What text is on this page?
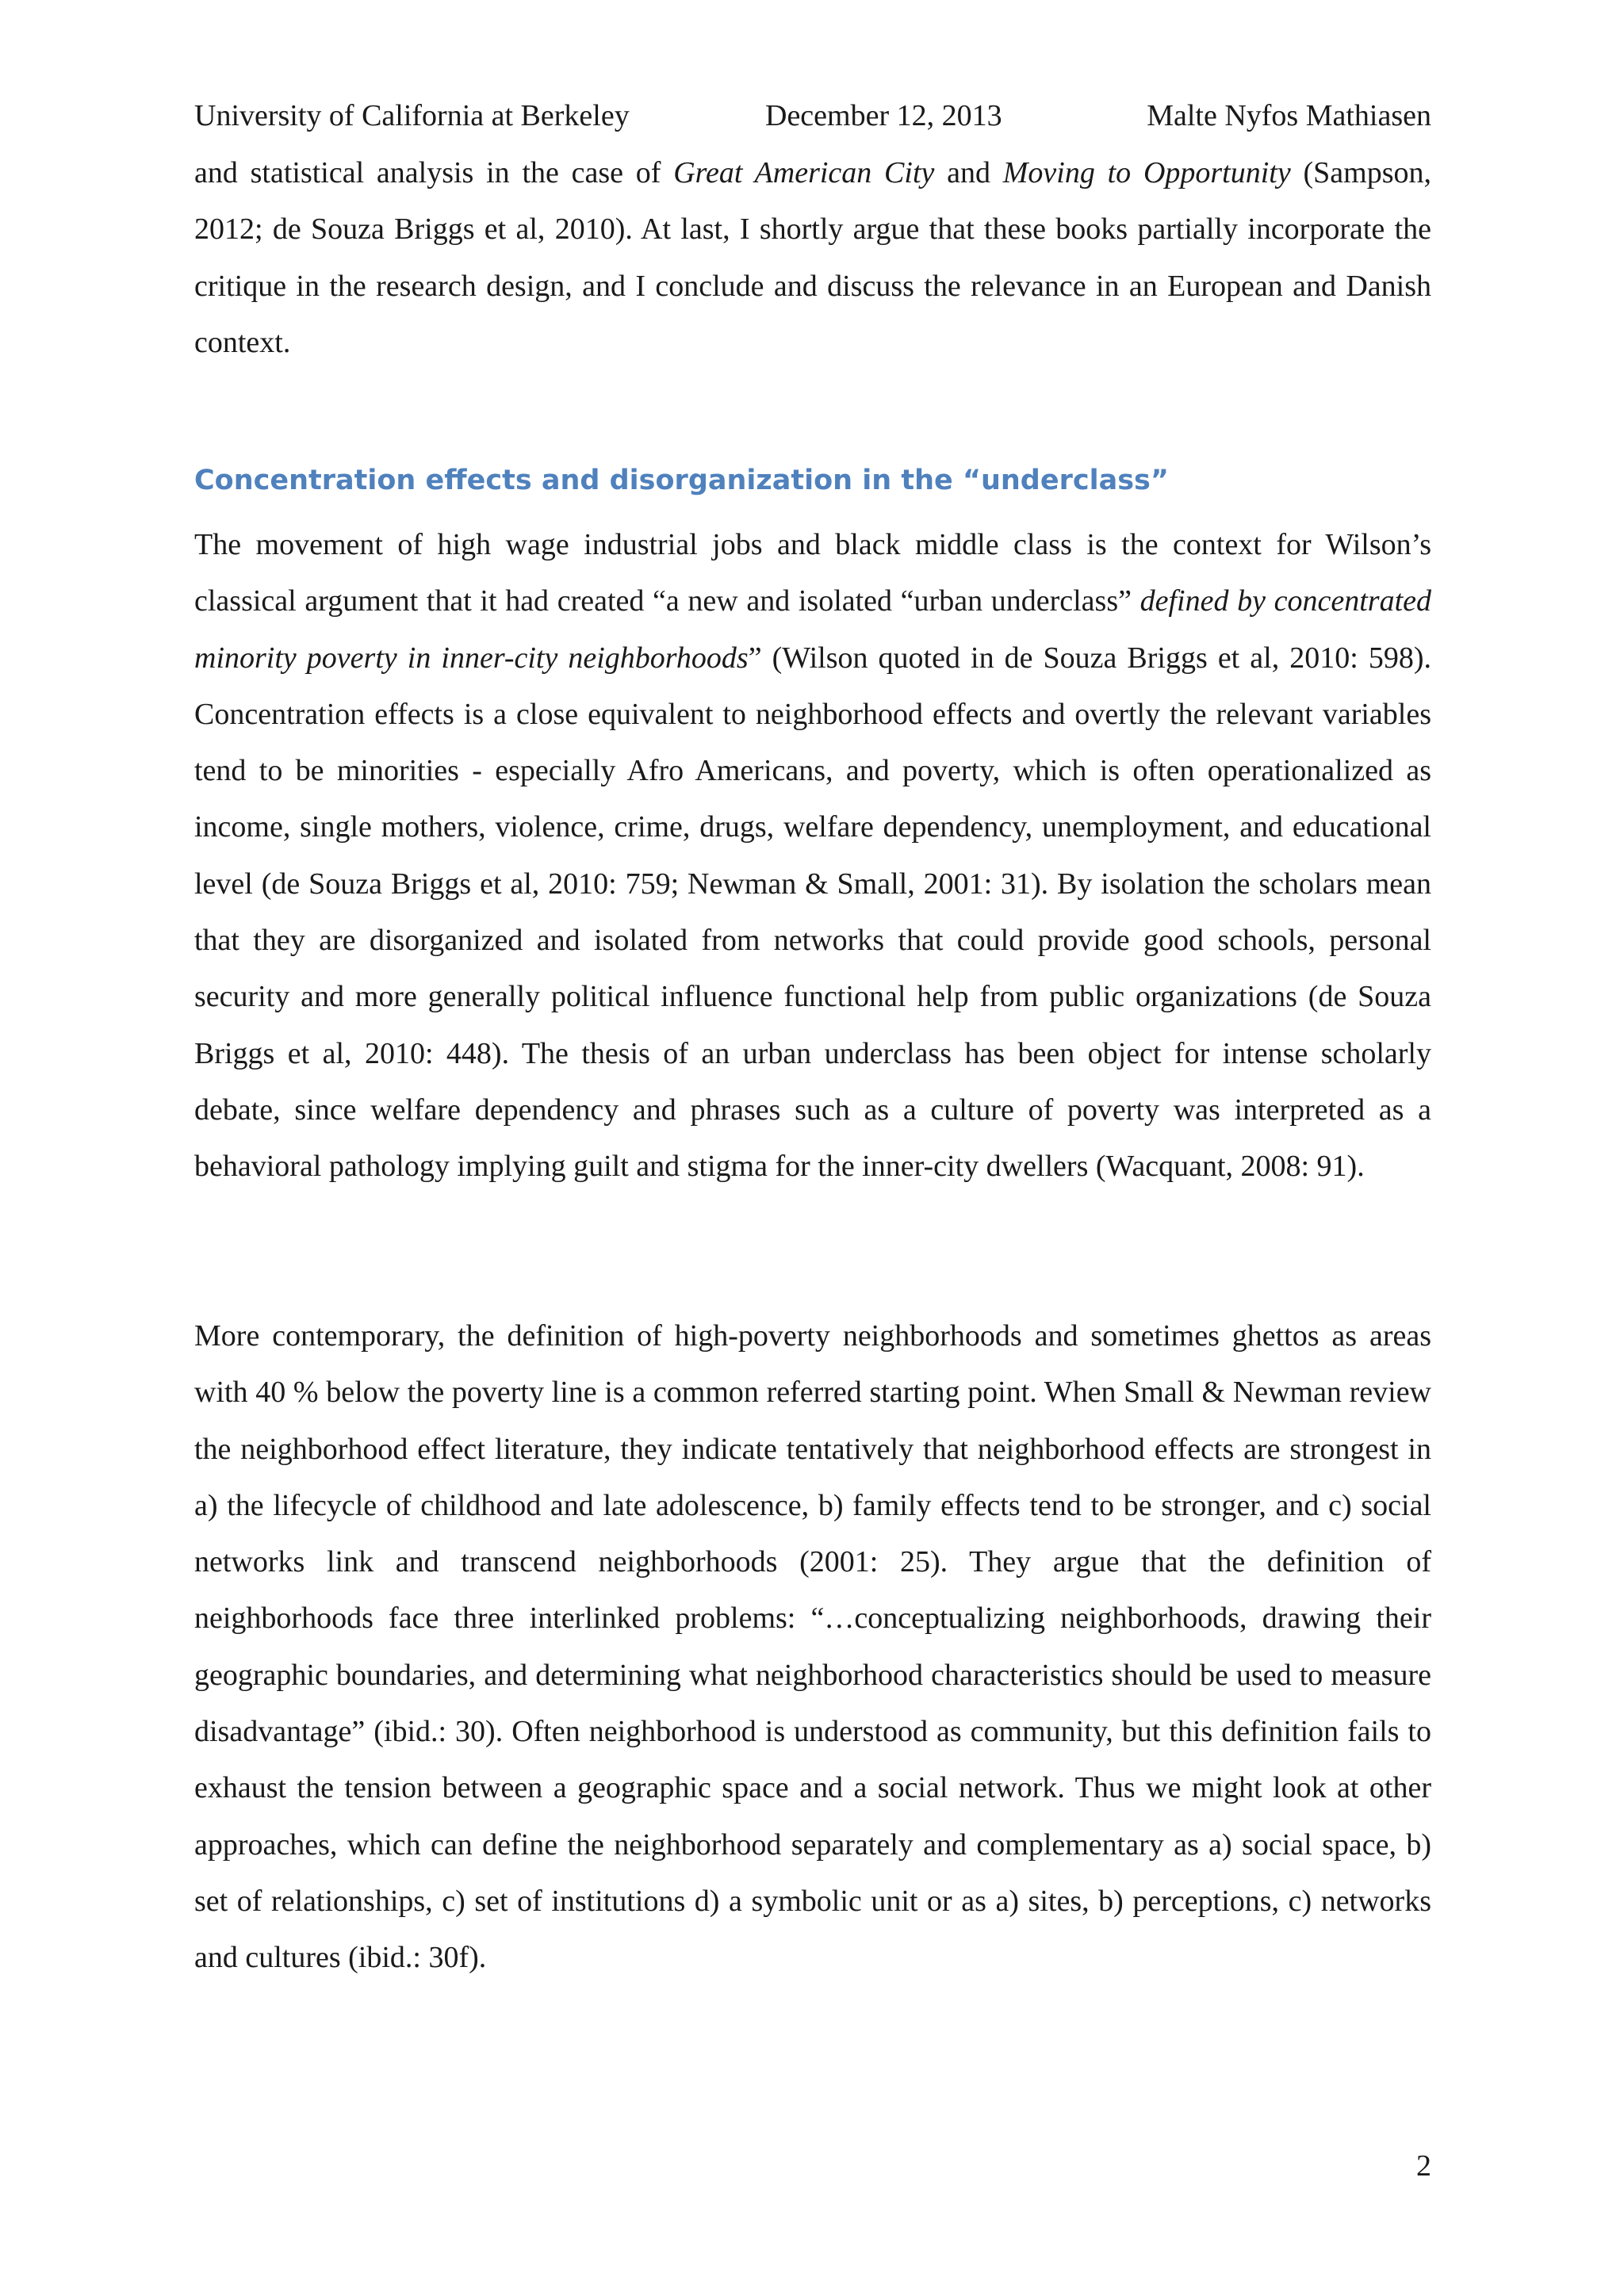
University of California at Berkeley	December 12, 2013	Malte Nyfos Mathiasen

and statistical analysis in the case of Great American City and Moving to Opportunity (Sampson, 2012; de Souza Briggs et al, 2010). At last, I shortly argue that these books partially incorporate the critique in the research design, and I conclude and discuss the relevance in an European and Danish context.

Concentration effects and disorganization in the “underclass”

The movement of high wage industrial jobs and black middle class is the context for Wilson’s classical argument that it had created “a new and isolated “urban underclass” defined by concentrated minority poverty in inner-city neighborhoods” (Wilson quoted in de Souza Briggs et al, 2010: 598). Concentration effects is a close equivalent to neighborhood effects and overtly the relevant variables tend to be minorities - especially Afro Americans, and poverty, which is often operationalized as income, single mothers, violence, crime, drugs, welfare dependency, unemployment, and educational level (de Souza Briggs et al, 2010: 759; Newman & Small, 2001: 31). By isolation the scholars mean that they are disorganized and isolated from networks that could provide good schools, personal security and more generally political influence functional help from public organizations (de Souza Briggs et al, 2010: 448). The thesis of an urban underclass has been object for intense scholarly debate, since welfare dependency and phrases such as a culture of poverty was interpreted as a behavioral pathology implying guilt and stigma for the inner-city dwellers (Wacquant, 2008: 91).

More contemporary, the definition of high-poverty neighborhoods and sometimes ghettos as areas with 40 % below the poverty line is a common referred starting point. When Small & Newman review the neighborhood effect literature, they indicate tentatively that neighborhood effects are strongest in a) the lifecycle of childhood and late adolescence, b) family effects tend to be stronger, and c) social networks link and transcend neighborhoods (2001: 25). They argue that the definition of neighborhoods face three interlinked problems: “…conceptualizing neighborhoods, drawing their geographic boundaries, and determining what neighborhood characteristics should be used to measure disadvantage” (ibid.: 30). Often neighborhood is understood as community, but this definition fails to exhaust the tension between a geographic space and a social network. Thus we might look at other approaches, which can define the neighborhood separately and complementary as a) social space, b) set of relationships, c) set of institutions d) a symbolic unit or as a) sites, b) perceptions, c) networks and cultures (ibid.: 30f).

2
